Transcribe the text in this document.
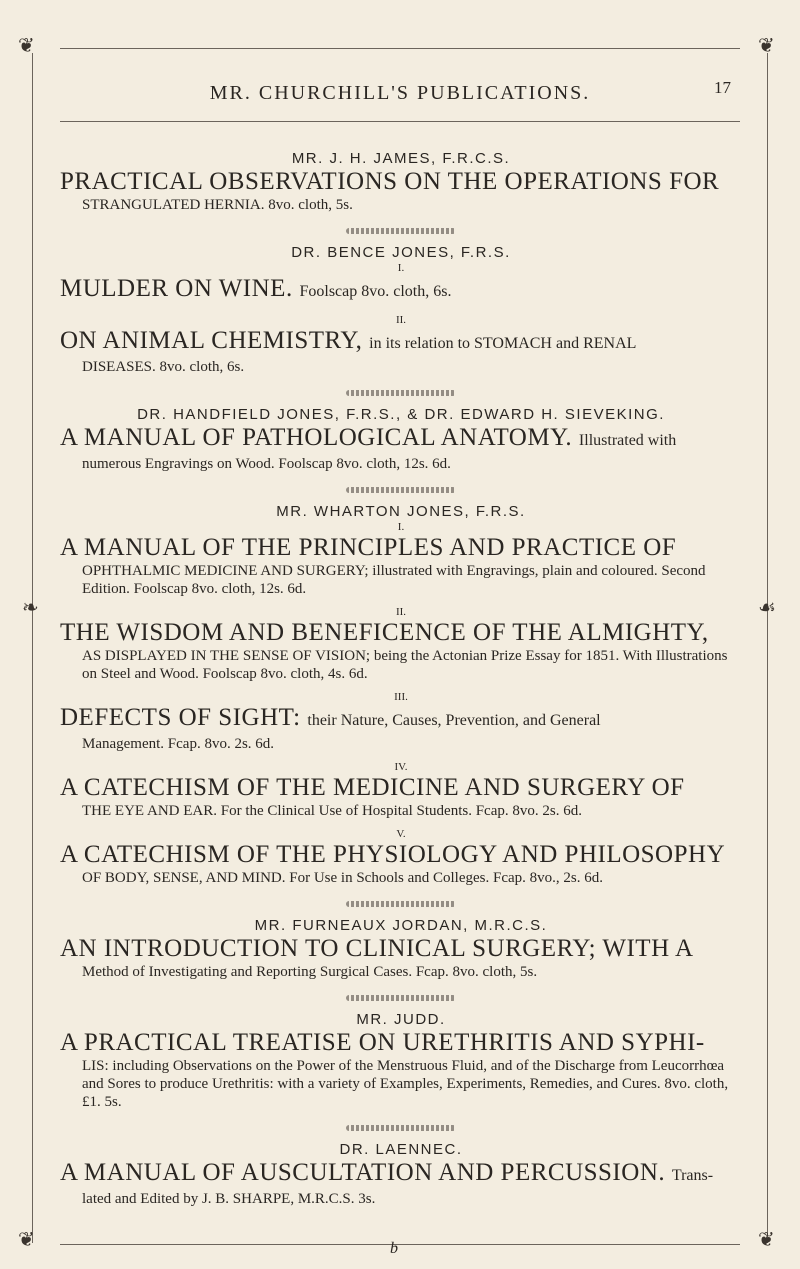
❦	❦
❧	☙
❦	❦
MR. CHURCHILL'S PUBLICATIONS.	17
MR. J. H. JAMES, F.R.C.S.
PRACTICAL OBSERVATIONS ON THE OPERATIONS FOR
STRANGULATED HERNIA. 8vo. cloth, 5s.
DR. BENCE JONES, F.R.S.
I.
MULDER ON WINE. Foolscap 8vo. cloth, 6s.
II.
ON ANIMAL CHEMISTRY, in its relation to STOMACH and RENAL
DISEASES. 8vo. cloth, 6s.
DR. HANDFIELD JONES, F.R.S., & DR. EDWARD H. SIEVEKING.
A MANUAL OF PATHOLOGICAL ANATOMY. Illustrated with
numerous Engravings on Wood. Foolscap 8vo. cloth, 12s. 6d.
MR. WHARTON JONES, F.R.S.
I.
A MANUAL OF THE PRINCIPLES AND PRACTICE OF
OPHTHALMIC MEDICINE AND SURGERY; illustrated with Engravings, plain and coloured. Second Edition. Foolscap 8vo. cloth, 12s. 6d.
II.
THE WISDOM AND BENEFICENCE OF THE ALMIGHTY,
AS DISPLAYED IN THE SENSE OF VISION; being the Actonian Prize Essay for 1851. With Illustrations on Steel and Wood. Foolscap 8vo. cloth, 4s. 6d.
III.
DEFECTS OF SIGHT: their Nature, Causes, Prevention, and General
Management. Fcap. 8vo. 2s. 6d.
IV.
A CATECHISM OF THE MEDICINE AND SURGERY OF
THE EYE AND EAR. For the Clinical Use of Hospital Students. Fcap. 8vo. 2s. 6d.
V.
A CATECHISM OF THE PHYSIOLOGY AND PHILOSOPHY
OF BODY, SENSE, AND MIND. For Use in Schools and Colleges. Fcap. 8vo., 2s. 6d.
MR. FURNEAUX JORDAN, M.R.C.S.
AN INTRODUCTION TO CLINICAL SURGERY; WITH A
Method of Investigating and Reporting Surgical Cases. Fcap. 8vo. cloth, 5s.
MR. JUDD.
A PRACTICAL TREATISE ON URETHRITIS AND SYPHI-
LIS: including Observations on the Power of the Menstruous Fluid, and of the Discharge from Leucorrhœa and Sores to produce Urethritis: with a variety of Examples, Experiments, Remedies, and Cures. 8vo. cloth, £1. 5s.
DR. LAENNEC.
A MANUAL OF AUSCULTATION AND PERCUSSION. Trans-
lated and Edited by J. B. SHARPE, M.R.C.S. 3s.
b
